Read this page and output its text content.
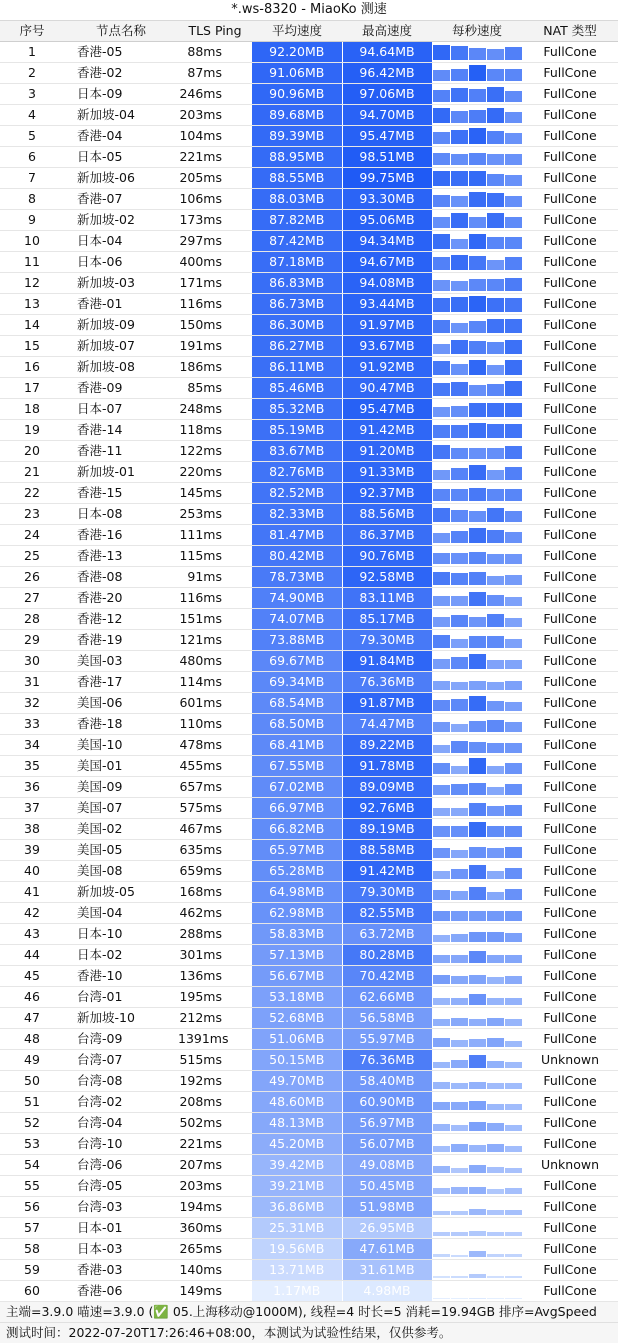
*.ws-8320 - MiaoKo 测速
序号	节点名称	TLS Ping	平均速度	最高速度	每秒速度	NAT 类型
1	香港-05	88ms	92.20MB	94.64MB		FullCone
2	香港-02	87ms	91.06MB	96.42MB		FullCone
3	日本-09	246ms	90.96MB	97.06MB		FullCone
4	新加坡-04	203ms	89.68MB	94.70MB		FullCone
5	香港-04	104ms	89.39MB	95.47MB		FullCone
6	日本-05	221ms	88.95MB	98.51MB		FullCone
7	新加坡-06	205ms	88.55MB	99.75MB		FullCone
8	香港-07	106ms	88.03MB	93.30MB		FullCone
9	新加坡-02	173ms	87.82MB	95.06MB		FullCone
10	日本-04	297ms	87.42MB	94.34MB		FullCone
11	日本-06	400ms	87.18MB	94.67MB		FullCone
12	新加坡-03	171ms	86.83MB	94.08MB		FullCone
13	香港-01	116ms	86.73MB	93.44MB		FullCone
14	新加坡-09	150ms	86.30MB	91.97MB		FullCone
15	新加坡-07	191ms	86.27MB	93.67MB		FullCone
16	新加坡-08	186ms	86.11MB	91.92MB		FullCone
17	香港-09	85ms	85.46MB	90.47MB		FullCone
18	日本-07	248ms	85.32MB	95.47MB		FullCone
19	香港-14	118ms	85.19MB	91.42MB		FullCone
20	香港-11	122ms	83.67MB	91.20MB		FullCone
21	新加坡-01	220ms	82.76MB	91.33MB		FullCone
22	香港-15	145ms	82.52MB	92.37MB		FullCone
23	日本-08	253ms	82.33MB	88.56MB		FullCone
24	香港-16	111ms	81.47MB	86.37MB		FullCone
25	香港-13	115ms	80.42MB	90.76MB		FullCone
26	香港-08	91ms	78.73MB	92.58MB		FullCone
27	香港-20	116ms	74.90MB	83.11MB		FullCone
28	香港-12	151ms	74.07MB	85.17MB		FullCone
29	香港-19	121ms	73.88MB	79.30MB		FullCone
30	美国-03	480ms	69.67MB	91.84MB		FullCone
31	香港-17	114ms	69.34MB	76.36MB		FullCone
32	美国-06	601ms	68.54MB	91.87MB		FullCone
33	香港-18	110ms	68.50MB	74.47MB		FullCone
34	美国-10	478ms	68.41MB	89.22MB		FullCone
35	美国-01	455ms	67.55MB	91.78MB		FullCone
36	美国-09	657ms	67.02MB	89.09MB		FullCone
37	美国-07	575ms	66.97MB	92.76MB		FullCone
38	美国-02	467ms	66.82MB	89.19MB		FullCone
39	美国-05	635ms	65.97MB	88.58MB		FullCone
40	美国-08	659ms	65.28MB	91.42MB		FullCone
41	新加坡-05	168ms	64.98MB	79.30MB		FullCone
42	美国-04	462ms	62.98MB	82.55MB		FullCone
43	日本-10	288ms	58.83MB	63.72MB		FullCone
44	日本-02	301ms	57.13MB	80.28MB		FullCone
45	香港-10	136ms	56.67MB	70.42MB		FullCone
46	台湾-01	195ms	53.18MB	62.66MB		FullCone
47	新加坡-10	212ms	52.68MB	56.58MB		FullCone
48	台湾-09	1391ms	51.06MB	55.97MB		FullCone
49	台湾-07	515ms	50.15MB	76.36MB		Unknown
50	台湾-08	192ms	49.70MB	58.40MB		FullCone
51	台湾-02	208ms	48.60MB	60.90MB		FullCone
52	台湾-04	502ms	48.13MB	56.97MB		FullCone
53	台湾-10	221ms	45.20MB	56.07MB		FullCone
54	台湾-06	207ms	39.42MB	49.08MB		Unknown
55	台湾-05	203ms	39.21MB	50.45MB		FullCone
56	台湾-03	194ms	36.86MB	51.98MB		FullCone
57	日本-01	360ms	25.31MB	26.95MB		FullCone
58	日本-03	265ms	19.56MB	47.61MB		FullCone
59	香港-03	140ms	13.71MB	31.61MB		FullCone
60	香港-06	149ms	1.17MB	4.98MB		FullCone
主端=3.9.0 喵速=3.9.0 (✅ 05.上海移动@1000M), 线程=4 时长=5 消耗=19.94GB 排序=AvgSpeed
测试时间：2022-07-20T17:26:46+08:00，本测试为试验性结果，仅供参考。
